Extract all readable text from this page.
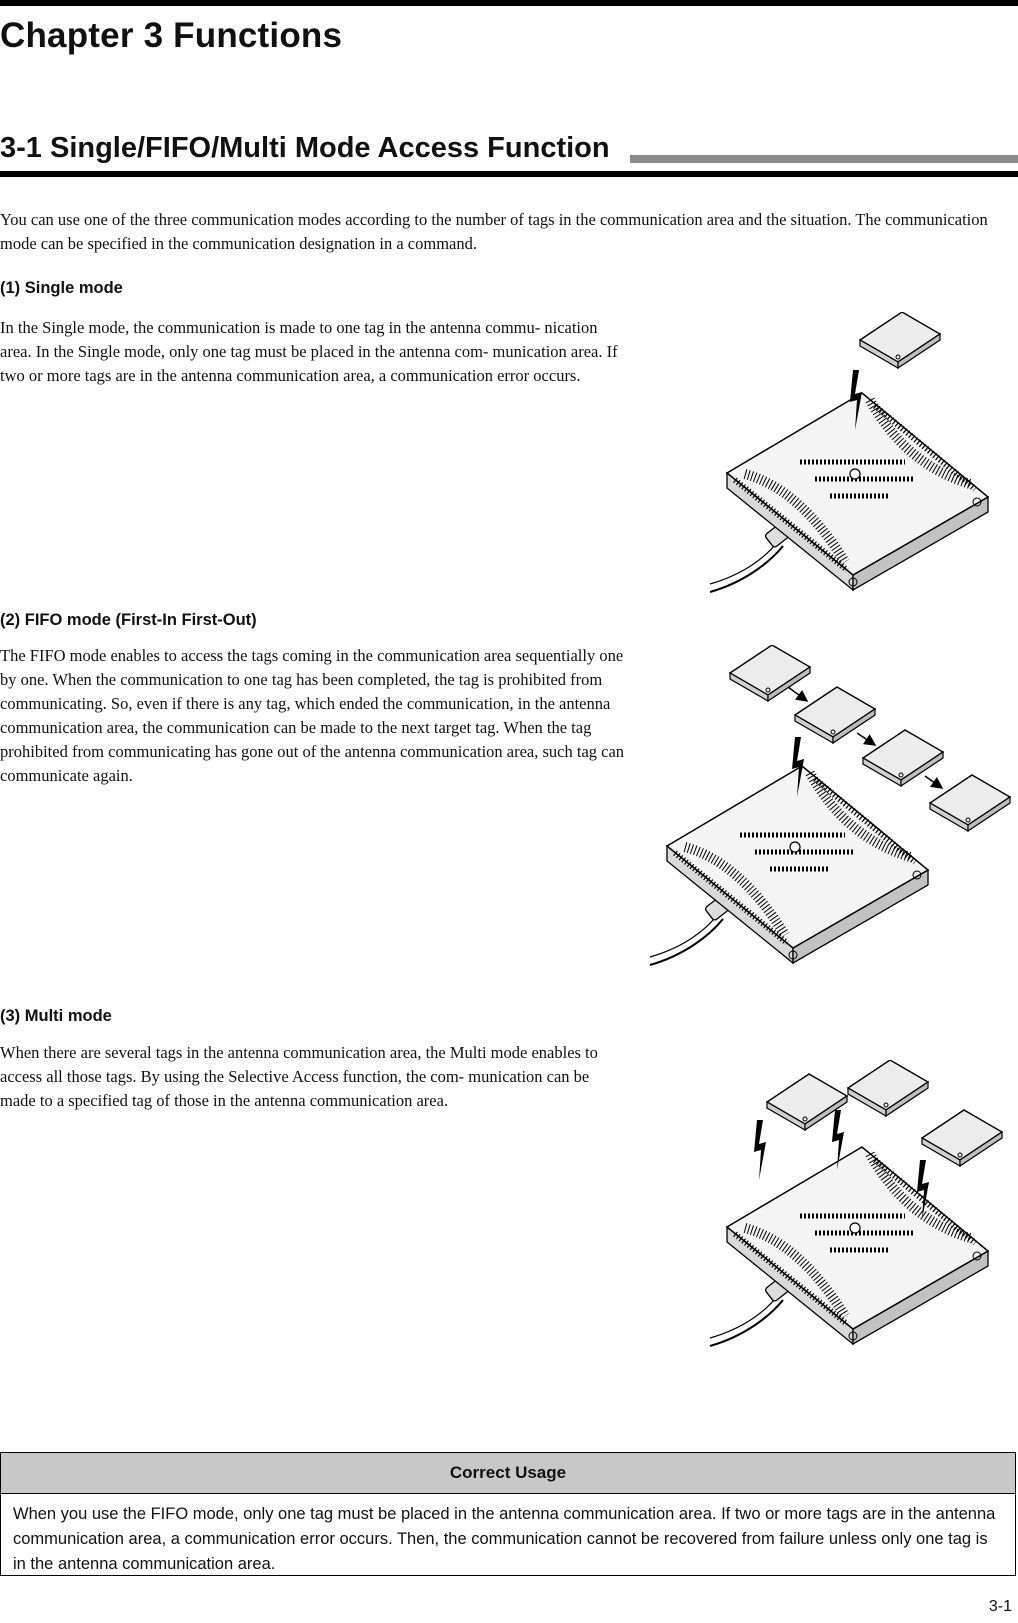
Chapter 3 Functions
3-1 Single/FIFO/Multi Mode Access Function

You can use one of the three communication modes according to the number of tags in the communication area and the situation. The communication mode can be specified in the communication designation in a command.

(1) Single mode

In the Single mode, the communication is made to one tag in the antenna commu- nication area. In the Single mode, only one tag must be placed in the antenna com- munication area. If two or more tags are in the antenna communication area, a communication error occurs.

(2) FIFO mode (First-In First-Out)

The FIFO mode enables to access the tags coming in the communication area sequentially one by one. When the communication to one tag has been completed, the tag is prohibited from communicating. So, even if there is any tag, which ended the communication, in the antenna communication area, the communication can be made to the next target tag. When the tag prohibited from communicating has gone out of the antenna communication area, such tag can communicate again.

(3) Multi mode

When there are several tags in the antenna communication area, the Multi mode enables to access all those tags. By using the Selective Access function, the com- munication can be made to a specified tag of those in the antenna communication area.

Correct Usage
When you use the FIFO mode, only one tag must be placed in the antenna communication area. If two or more tags are in the antenna communication area, a communication error occurs. Then, the communication cannot be recovered from failure unless only one tag is in the antenna communication area.
3-1
